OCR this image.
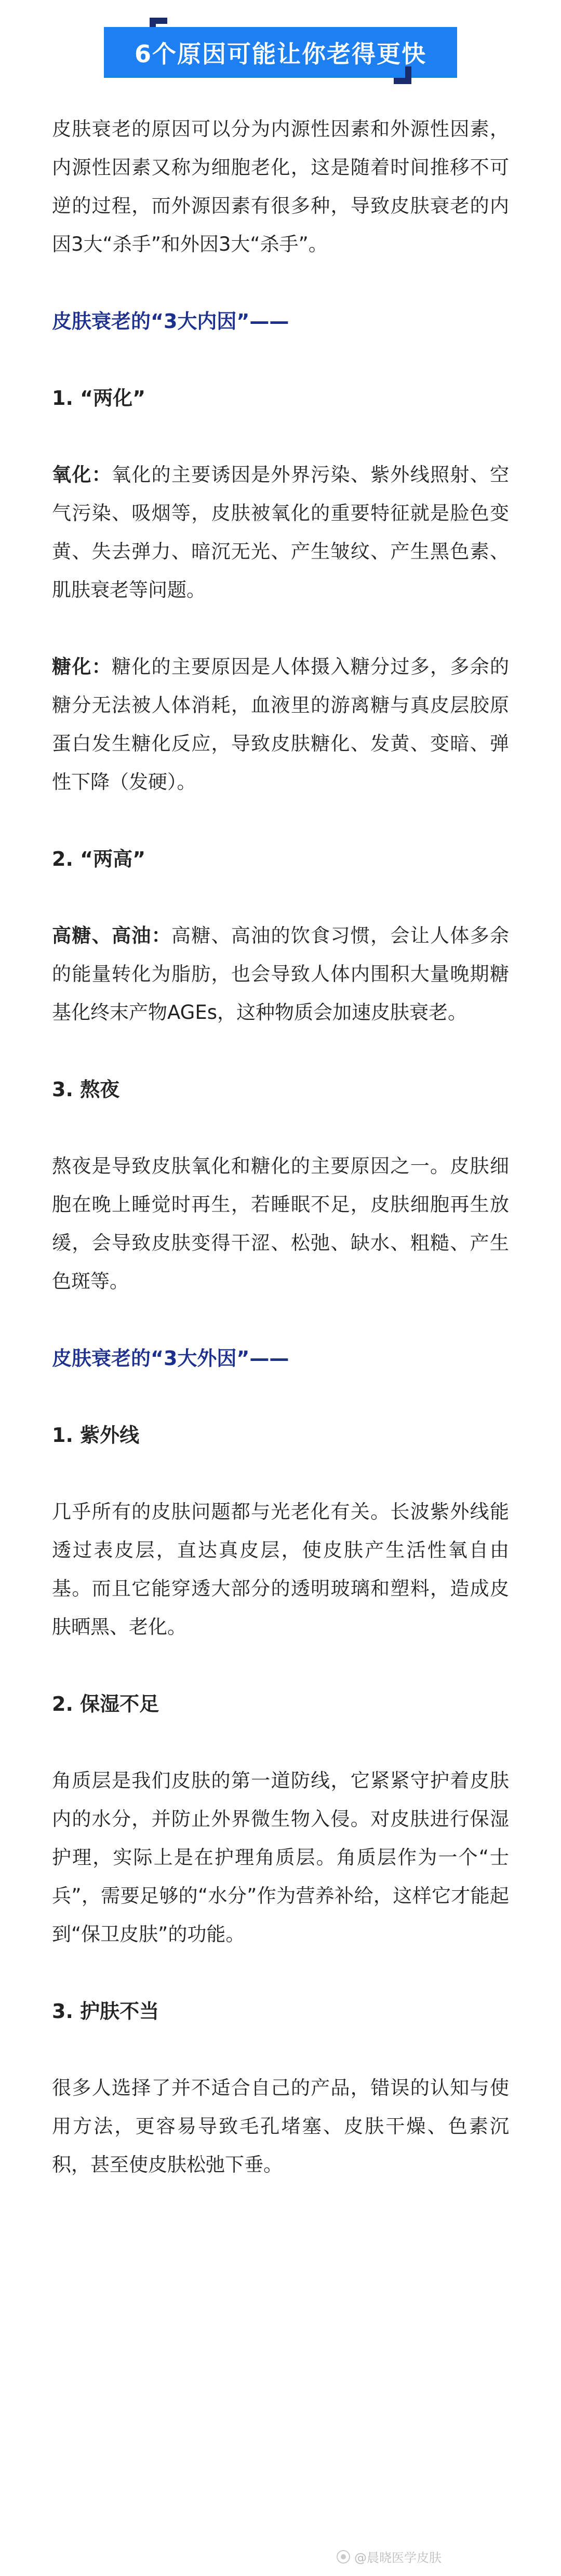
6个原因可能让你老得更快

皮肤衰老的原因可以分为内源性因素和外源性因素，内源性因素又称为细胞老化，这是随着时间推移不可逆的过程，而外源因素有很多种，导致皮肤衰老的内因3大“杀手”和外因3大“杀手”。

皮肤衰老的“3大内因”——
1. “两化”

氧化：氧化的主要诱因是外界污染、紫外线照射、空气污染、吸烟等，皮肤被氧化的重要特征就是脸色变黄、失去弹力、暗沉无光、产生皱纹、产生黑色素、肌肤衰老等问题。

糖化：糖化的主要原因是人体摄入糖分过多，多余的糖分无法被人体消耗，血液里的游离糖与真皮层胶原蛋白发生糖化反应，导致皮肤糖化、发黄、变暗、弹性下降（发硬）。

2. “两高”

高糖、高油：高糖、高油的饮食习惯，会让人体多余的能量转化为脂肪，也会导致人体内围积大量晚期糖基化终末产物AGEs，这种物质会加速皮肤衰老。

3. 熬夜

熬夜是导致皮肤氧化和糖化的主要原因之一。皮肤细胞在晚上睡觉时再生，若睡眠不足，皮肤细胞再生放缓，会导致皮肤变得干涩、松弛、缺水、粗糙、产生色斑等。

皮肤衰老的“3大外因”——
1. 紫外线

几乎所有的皮肤问题都与光老化有关。长波紫外线能透过表皮层，直达真皮层，使皮肤产生活性氧自由基。而且它能穿透大部分的透明玻璃和塑料，造成皮肤晒黑、老化。

2. 保湿不足

角质层是我们皮肤的第一道防线，它紧紧守护着皮肤内的水分，并防止外界微生物入侵。对皮肤进行保湿护理，实际上是在护理角质层。角质层作为一个“士兵”，需要足够的“水分”作为营养补给，这样它才能起到“保卫皮肤”的功能。

3. 护肤不当

很多人选择了并不适合自己的产品，错误的认知与使用方法，更容易导致毛孔堵塞、皮肤干燥、色素沉积，甚至使皮肤松弛下垂。

@晨晓医学皮肤
